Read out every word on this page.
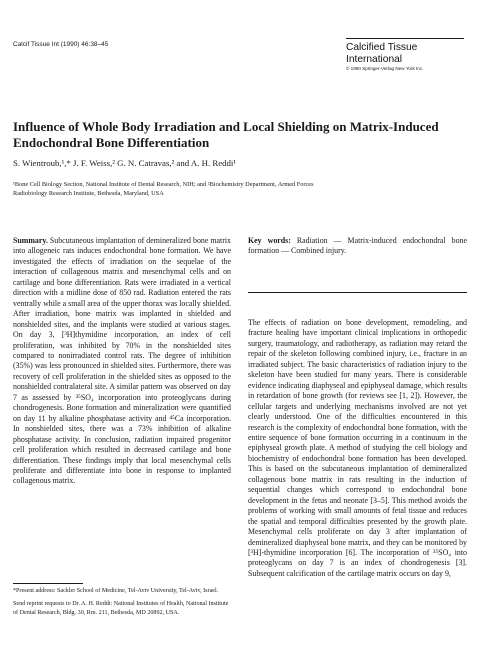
Calcif Tissue Int (1990) 46:38–45	Calcified Tissue
International
© 1990 Springer-Verlag New York Inc.
Influence of Whole Body Irradiation and Local Shielding on Matrix-Induced
Endochondral Bone Differentiation
S. Wientroub,¹,* J. F. Weiss,² G. N. Catravas,² and A. H. Reddi¹
¹Bone Cell Biology Section, National Institute of Dental Research, NIH; and ²Biochemistry Department, Armed Forces
Radiobiology Research Institute, Bethesda, Maryland, USA

Summary. Subcutaneous implantation of demineralized bone matrix into allogeneic rats induces endochondral bone formation. We have investigated the effects of irradiation on the sequelae of the interaction of collagenous matrix and mesenchymal cells and on cartilage and bone differentiation. Rats were irradiated in a vertical direction with a midline dose of 850 rad. Radiation entered the rats ventrally while a small area of the upper thorax was locally shielded. After irradiation, bone matrix was implanted in shielded and nonshielded sites, and the implants were studied at various stages. On day 3, [³H]thymidine incorporation, an index of cell proliferation, was inhibited by 70% in the nonshielded sites compared to nonirradiated control rats. The degree of inhibition (35%) was less pronounced in shielded sites. Furthermore, there was recovery of cell proliferation in the shielded sites as opposed to the nonshielded contralateral site. A similar pattern was observed on day 7 as assessed by ³⁵SO₄ incorporation into proteoglycans during chondrogenesis. Bone formation and mineralization were quantified on day 11 by alkaline phosphatase activity and ⁴⁵Ca incorporation. In nonshielded sites, there was a 73% inhibition of alkaline phosphatase activity. In conclusion, radiation impaired progenitor cell proliferation which resulted in decreased cartilage and bone differentiation. These findings imply that local mesenchymal cells proliferate and differentiate into bone in response to implanted collagenous matrix.

Key words: Radiation — Matrix-induced endochondral bone formation — Combined injury.

The effects of radiation on bone development, remodeling, and fracture healing have important clinical implications in orthopedic surgery, traumatology, and radiotherapy, as radiation may retard the repair of the skeleton following combined injury, i.e., fracture in an irradiated subject. The basic characteristics of radiation injury to the skeleton have been studied for many years. There is considerable evidence indicating diaphyseal and epiphyseal damage, which results in retardation of bone growth (for reviews see [1, 2]). However, the cellular targets and underlying mechanisms involved are not yet clearly understood. One of the difficulties encountered in this research is the complexity of endochondral bone formation, with the entire sequence of bone formation occurring in a continuum in the epiphyseal growth plate. A method of studying the cell biology and biochemistry of endochondral bone formation has been developed. This is based on the subcutaneous implantation of demineralized collagenous bone matrix in rats resulting in the induction of sequential changes which correspond to endochondral bone development in the fetus and neonate [3–5]. This method avoids the problems of working with small amounts of fetal tissue and reduces the spatial and temporal difficulties presented by the growth plate. Mesenchymal cells proliferate on day 3 after implantation of demineralized diaphyseal bone matrix, and they can be monitored by [³H]-thymidine incorporation [6]. The incorporation of ³⁵SO₄ into proteoglycans on day 7 is an index of chondrogenesis [3]. Subsequent calcification of the cartilage matrix occurs on day 9,

*Present address: Sackler School of Medicine, Tel-Aviv University, Tel-Aviv, Israel.

Send reprint requests to Dr. A. H. Reddi: National Institutes of Health, National Institute of Dental Research, Bldg. 30, Rm. 211, Bethesda, MD 20892, USA.
